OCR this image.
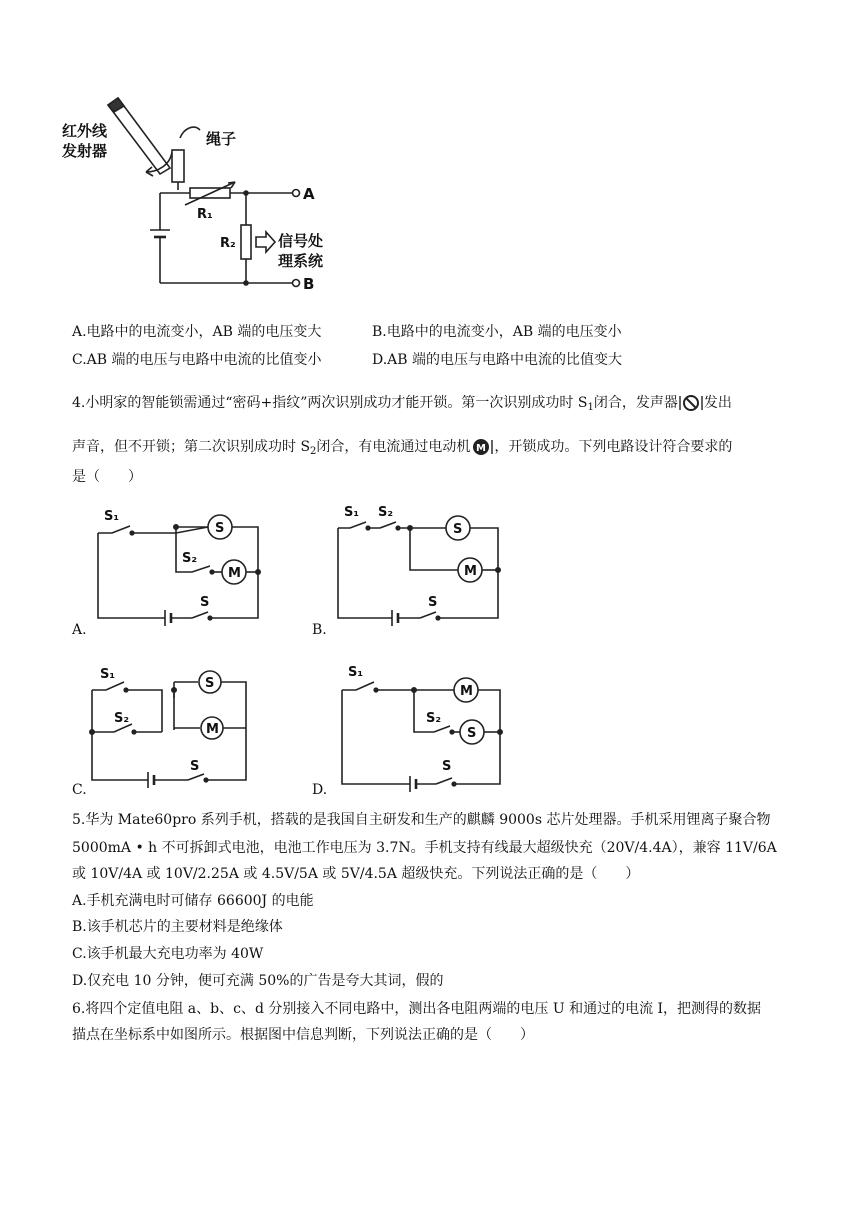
红外线
发射器
绳子
R₁
R₂
A
B
信号处
理系统
A.电路中的电流变小，AB 端的电压变大	B.电路中的电流变小，AB 端的电压变小
C.AB 端的电压与电路中电流的比值变小	D.AB 端的电压与电路中电流的比值变大
4.小明家的智能锁需通过“密码+指纹”两次识别成功才能开锁。第一次识别成功时 $S_1$闭合，发声器 发出
声音，但不开锁；第二次识别成功时 $S_2$闭合，有电流通过电动机 M ，开锁成功。下列电路设计符合要求的
是（　　）
S₁
S
S₂
M
S
A.
S₁ S₂
S
M
S
B.
S₁
S
S₂
M
S
C.
S₁
M
S₂
S
S
D.
5.华为 Mate60pro 系列手机，搭载的是我国自主研发和生产的麒麟 9000s 芯片处理器。手机采用锂离子聚合物
5000mA • h 不可拆卸式电池，电池工作电压为 3.7N。手机支持有线最大超级快充（20V/4.4A），兼容 11V/6A
或 10V/4A 或 10V/2.25A 或 4.5V/5A 或 5V/4.5A 超级快充。下列说法正确的是（　　）
A.手机充满电时可储存 66600J 的电能
B.该手机芯片的主要材料是绝缘体
C.该手机最大充电功率为 40W
D.仅充电 10 分钟，便可充满 50%的广告是夸大其词，假的
6.将四个定值电阻 a、b、c、d 分别接入不同电路中，测出各电阻两端的电压 U 和通过的电流 I，把测得的数据
描点在坐标系中如图所示。根据图中信息判断，下列说法正确的是（　　）
